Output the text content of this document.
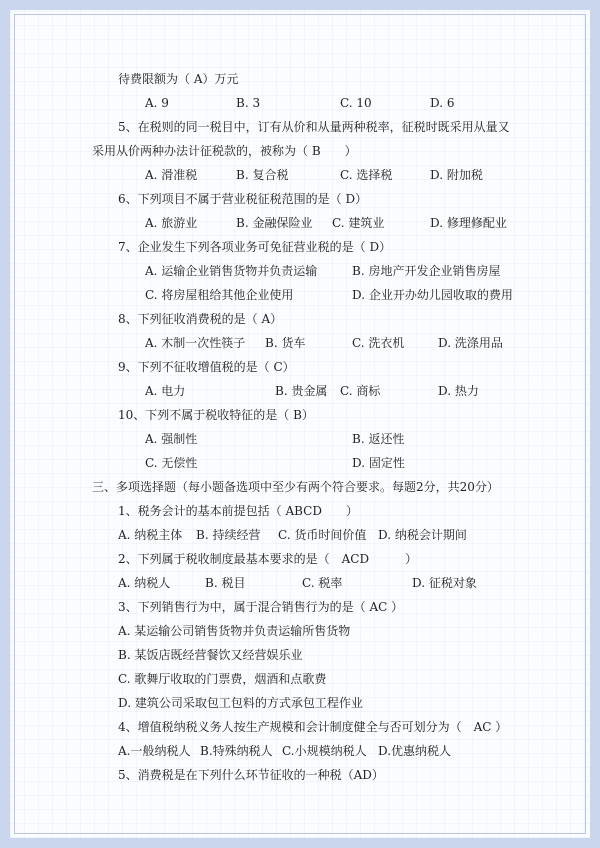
待费限额为（ A）万元
A. 9	B. 3	C. 10	D. 6
5、在税则的同一税目中，订有从价和从量两种税率，征税时既采用从量又
采用从价两种办法计征税款的，被称为（ B　　）
A. 滑准税	B. 复合税	C. 选择税	D. 附加税
6、下列项目不属于营业税征税范围的是（ D）
A. 旅游业	B. 金融保险业 C. 建筑业	D. 修理修配业
7、企业发生下列各项业务可免征营业税的是（ D）
A. 运输企业销售货物并负责运输	B. 房地产开发企业销售房屋
C. 将房屋租给其他企业使用	D. 企业开办幼儿园收取的费用
8、下列征收消费税的是（ A）
A. 木制一次性筷子 B. 货车	C. 洗衣机	D. 洗涤用品
9、下列不征收增值税的是（ C）
A. 电力	B. 贵金属 C. 商标	D. 热力
10、下列不属于税收特征的是（ B）
A. 强制性	B. 返还性
C. 无偿性	D. 固定性
三、多项选择题（每小题备选项中至少有两个符合要求。每题2分，共20分）
1、税务会计的基本前提包括（ ABCD　　）
A. 纳税主体 B. 持续经营 C. 货币时间价值 D. 纳税会计期间
2、下列属于税收制度最基本要求的是（　ACD　　　）
A. 纳税人	B. 税目	C. 税率	D. 征税对象
3、下列销售行为中，属于混合销售行为的是（ AC ）
A. 某运输公司销售货物并负责运输所售货物
B. 某饭店既经营餐饮又经营娱乐业
C. 歌舞厅收取的门票费，烟酒和点歌费
D. 建筑公司采取包工包料的方式承包工程作业
4、增值税纳税义务人按生产规模和会计制度健全与否可划分为（　AC ）
A.一般纳税人 B.特殊纳税人 C.小规模纳税人 D.优惠纳税人
5、消费税是在下列什么环节征收的一种税（AD）
